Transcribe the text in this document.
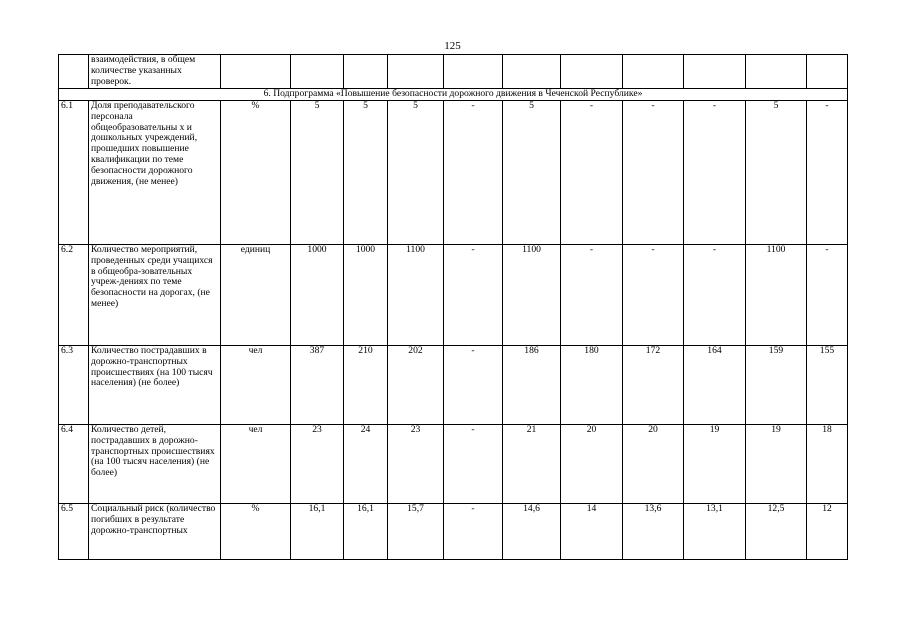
125
	взаимодействия, в общем количестве указанных проверок.											
6. Подпрограмма «Повышение безопасности дорожного движения в Чеченской Республике»												
6.1	Доля преподавательского персонала общеобразовательны х и дошкольных учреждений, прошедших повышение квалификации по теме безопасности дорожного движения, (не менее)	%	5	5	5	-	5	-	-	-	5	-
6.2	Количество мероприятий, проведенных среди учащихся в общеобра-зовательных учреж-дениях по теме безопасности на дорогах, (не менее)	единиц	1000	1000	1100	-	1100	-	-	-	1100	-
6.3	Количество пострадавших в дорожно-транспортных происшествиях (на 100 тысяч населения) (не более)	чел	387	210	202	-	186	180	172	164	159	155
6.4	Количество детей, пострадавших в дорожно-транспортных происшествиях (на 100 тысяч населения) (не более)	чел	23	24	23	-	21	20	20	19	19	18
6.5	Социальный риск (количество погибших в результате дорожно-транспортных	%	16,1	16,1	15,7	-	14,6	14	13,6	13,1	12,5	12
